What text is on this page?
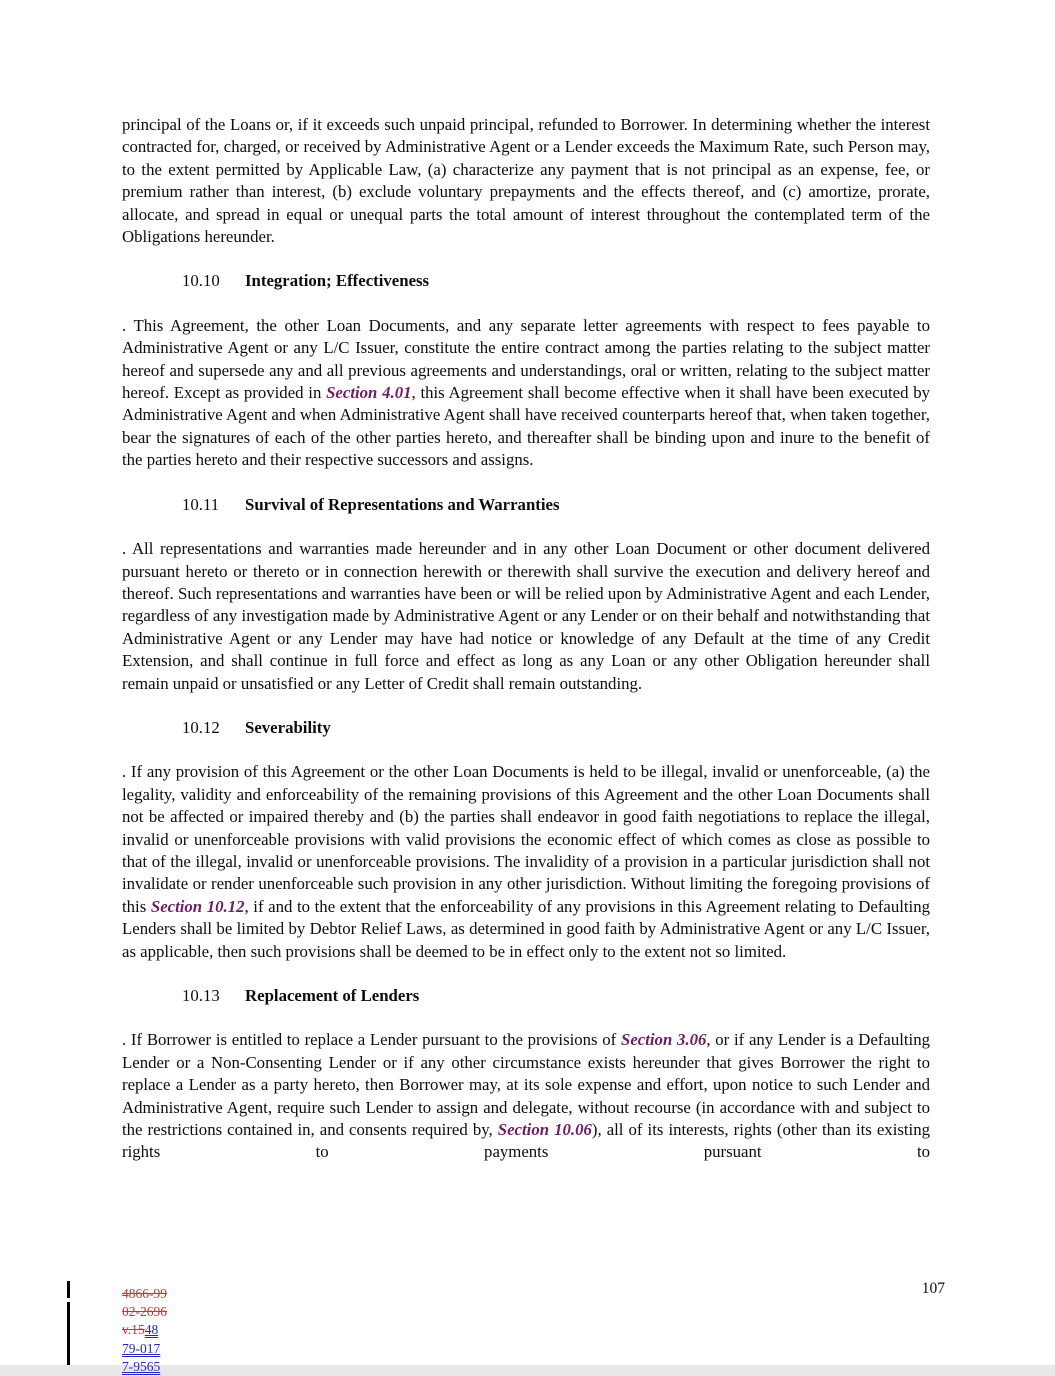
principal of the Loans or, if it exceeds such unpaid principal, refunded to Borrower. In determining whether the interest contracted for, charged, or received by Administrative Agent or a Lender exceeds the Maximum Rate, such Person may, to the extent permitted by Applicable Law, (a) characterize any payment that is not principal as an expense, fee, or premium rather than interest, (b) exclude voluntary prepayments and the effects thereof, and (c) amortize, prorate, allocate, and spread in equal or unequal parts the total amount of interest throughout the contemplated term of the Obligations hereunder.

10.10 Integration; Effectiveness

. This Agreement, the other Loan Documents, and any separate letter agreements with respect to fees payable to Administrative Agent or any L/C Issuer, constitute the entire contract among the parties relating to the subject matter hereof and supersede any and all previous agreements and understandings, oral or written, relating to the subject matter hereof. Except as provided in Section 4.01, this Agreement shall become effective when it shall have been executed by Administrative Agent and when Administrative Agent shall have received counterparts hereof that, when taken together, bear the signatures of each of the other parties hereto, and thereafter shall be binding upon and inure to the benefit of the parties hereto and their respective successors and assigns.

10.11 Survival of Representations and Warranties

. All representations and warranties made hereunder and in any other Loan Document or other document delivered pursuant hereto or thereto or in connection herewith or therewith shall survive the execution and delivery hereof and thereof. Such representations and warranties have been or will be relied upon by Administrative Agent and each Lender, regardless of any investigation made by Administrative Agent or any Lender or on their behalf and notwithstanding that Administrative Agent or any Lender may have had notice or knowledge of any Default at the time of any Credit Extension, and shall continue in full force and effect as long as any Loan or any other Obligation hereunder shall remain unpaid or unsatisfied or any Letter of Credit shall remain outstanding.

10.12 Severability

. If any provision of this Agreement or the other Loan Documents is held to be illegal, invalid or unenforceable, (a) the legality, validity and enforceability of the remaining provisions of this Agreement and the other Loan Documents shall not be affected or impaired thereby and (b) the parties shall endeavor in good faith negotiations to replace the illegal, invalid or unenforceable provisions with valid provisions the economic effect of which comes as close as possible to that of the illegal, invalid or unenforceable provisions. The invalidity of a provision in a particular jurisdiction shall not invalidate or render unenforceable such provision in any other jurisdiction. Without limiting the foregoing provisions of this Section 10.12, if and to the extent that the enforceability of any provisions in this Agreement relating to Defaulting Lenders shall be limited by Debtor Relief Laws, as determined in good faith by Administrative Agent or any L/C Issuer, as applicable, then such provisions shall be deemed to be in effect only to the extent not so limited.

10.13 Replacement of Lenders

. If Borrower is entitled to replace a Lender pursuant to the provisions of Section 3.06, or if any Lender is a Defaulting Lender or a Non-Consenting Lender or if any other circumstance exists hereunder that gives Borrower the right to replace a Lender as a party hereto, then Borrower may, at its sole expense and effort, upon notice to such Lender and Administrative Agent, require such Lender to assign and delegate, without recourse (in accordance with and subject to the restrictions contained in, and consents required by, Section 10.06), all of its interests, rights (other than its existing rights to payments pursuant to

107
4866-99
02-2696
v.1548
79-017
7-9565
